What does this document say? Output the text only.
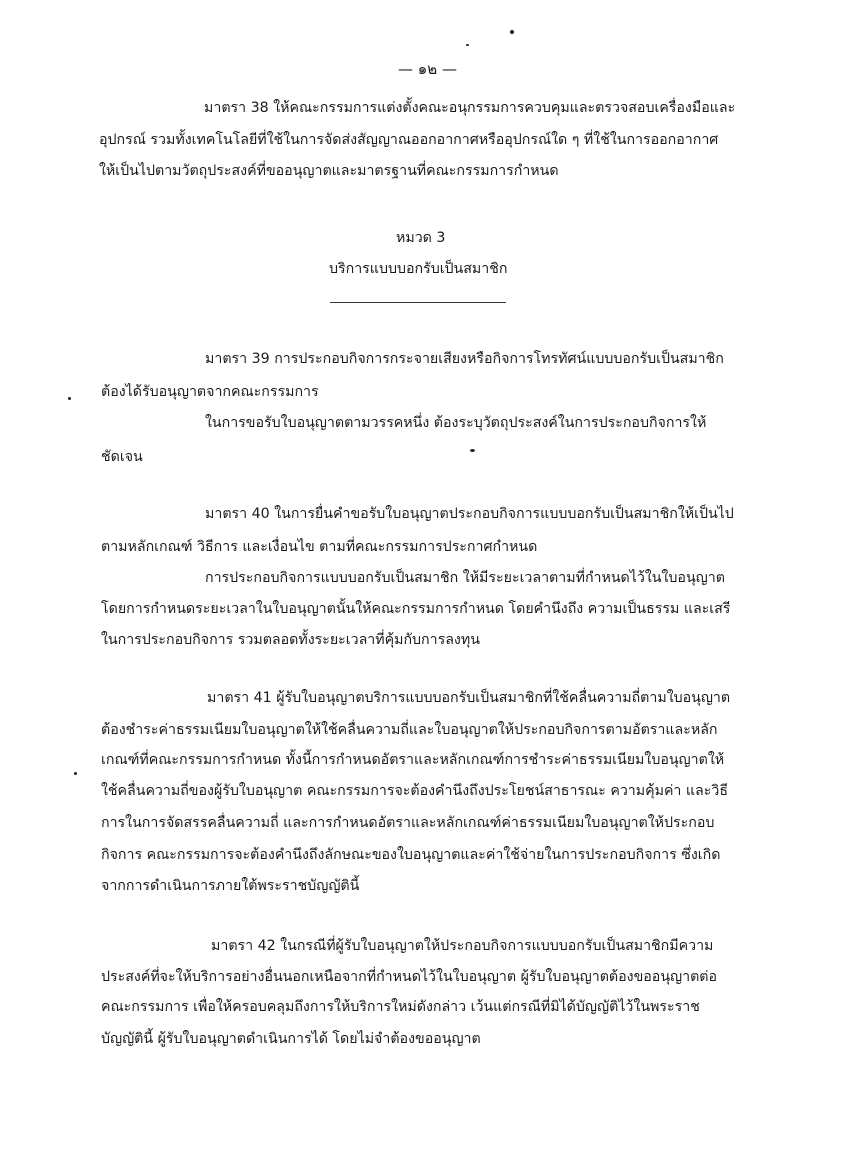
— ๑๒ —
มาตรา 38 ให้คณะกรรมการแต่งตั้งคณะอนุกรรมการควบคุมและตรวจสอบเครื่องมือและ
อุปกรณ์ รวมทั้งเทคโนโลยีที่ใช้ในการจัดส่งสัญญาณออกอากาศหรืออุปกรณ์ใด ๆ ที่ใช้ในการออกอากาศ
ให้เป็นไปตามวัตถุประสงค์ที่ขออนุญาตและมาตรฐานที่คณะกรรมการกำหนด
หมวด 3
บริการแบบบอกรับเป็นสมาชิก
มาตรา 39 การประกอบกิจการกระจายเสียงหรือกิจการโทรทัศน์แบบบอกรับเป็นสมาชิก
ต้องได้รับอนุญาตจากคณะกรรมการ
ในการขอรับใบอนุญาตตามวรรคหนึ่ง ต้องระบุวัตถุประสงค์ในการประกอบกิจการให้
ชัดเจน
มาตรา 40 ในการยื่นคำขอรับใบอนุญาตประกอบกิจการแบบบอกรับเป็นสมาชิกให้เป็นไป
ตามหลักเกณฑ์ วิธีการ และเงื่อนไข ตามที่คณะกรรมการประกาศกำหนด
การประกอบกิจการแบบบอกรับเป็นสมาชิก ให้มีระยะเวลาตามที่กำหนดไว้ในใบอนุญาต
โดยการกำหนดระยะเวลาในใบอนุญาตนั้นให้คณะกรรมการกำหนด โดยคำนึงถึง ความเป็นธรรม และเสรี
ในการประกอบกิจการ รวมตลอดทั้งระยะเวลาที่คุ้มกับการลงทุน
มาตรา 41 ผู้รับใบอนุญาตบริการแบบบอกรับเป็นสมาชิกที่ใช้คลื่นความถี่ตามใบอนุญาต
ต้องชำระค่าธรรมเนียมใบอนุญาตให้ใช้คลื่นความถี่และใบอนุญาตให้ประกอบกิจการตามอัตราและหลัก
เกณฑ์ที่คณะกรรมการกำหนด ทั้งนี้การกำหนดอัตราและหลักเกณฑ์การชำระค่าธรรมเนียมใบอนุญาตให้
ใช้คลื่นความถี่ของผู้รับใบอนุญาต คณะกรรมการจะต้องคำนึงถึงประโยชน์สาธารณะ ความคุ้มค่า และวิธี
การในการจัดสรรคลื่นความถี่ และการกำหนดอัตราและหลักเกณฑ์ค่าธรรมเนียมใบอนุญาตให้ประกอบ
กิจการ คณะกรรมการจะต้องคำนึงถึงลักษณะของใบอนุญาตและค่าใช้จ่ายในการประกอบกิจการ ซึ่งเกิด
จากการดำเนินการภายใต้พระราชบัญญัตินี้
มาตรา 42 ในกรณีที่ผู้รับใบอนุญาตให้ประกอบกิจการแบบบอกรับเป็นสมาชิกมีความ
ประสงค์ที่จะให้บริการอย่างอื่นนอกเหนือจากที่กำหนดไว้ในใบอนุญาต ผู้รับใบอนุญาตต้องขออนุญาตต่อ
คณะกรรมการ เพื่อให้ครอบคลุมถึงการให้บริการใหม่ดังกล่าว เว้นแต่กรณีที่มิได้บัญญัติไว้ในพระราช
บัญญัตินี้ ผู้รับใบอนุญาตดำเนินการได้ โดยไม่จำต้องขออนุญาต
